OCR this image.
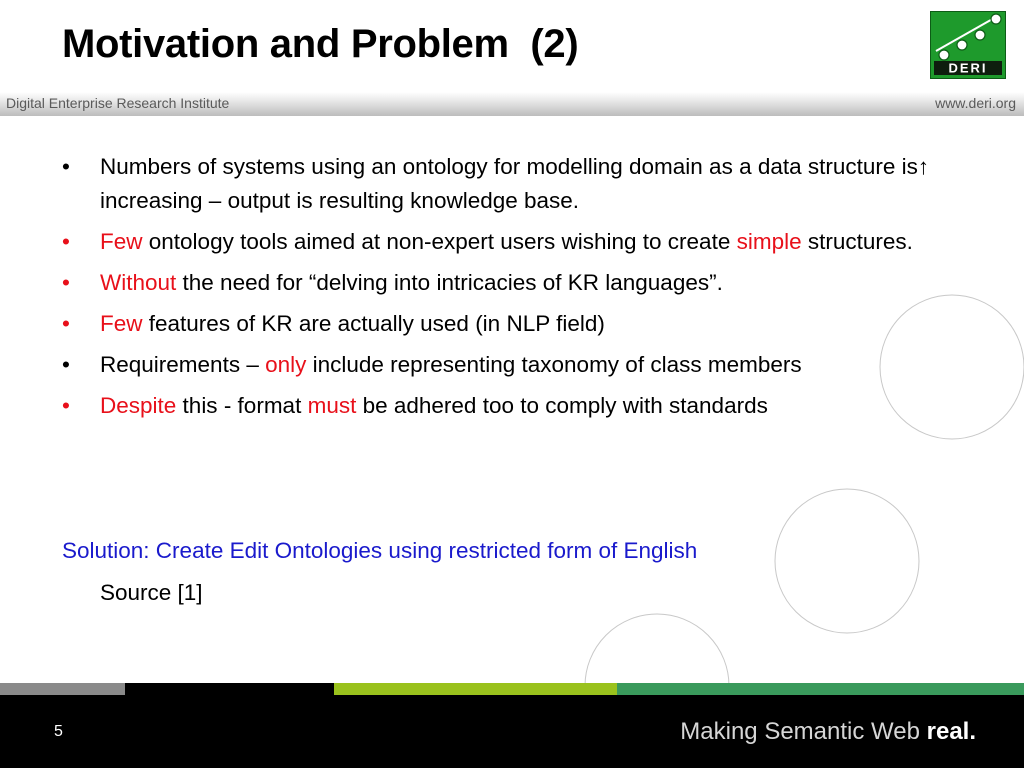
Motivation and Problem  (2)
DERI
Digital Enterprise Research Institute	www.deri.org
• Numbers of systems using an ontology for modelling domain as a data structure is↑ increasing – output is resulting knowledge base.
• Few ontology tools aimed at non-expert users wishing to create simple structures.
• Without the need for “delving into intricacies of KR languages”.
• Few features of KR are actually used (in NLP field)
• Requirements – only include representing taxonomy of class members
• Despite this - format must be adhered too to comply with standards
Solution: Create Edit Ontologies using restricted form of English
Source [1]
5	Making Semantic Web real.
